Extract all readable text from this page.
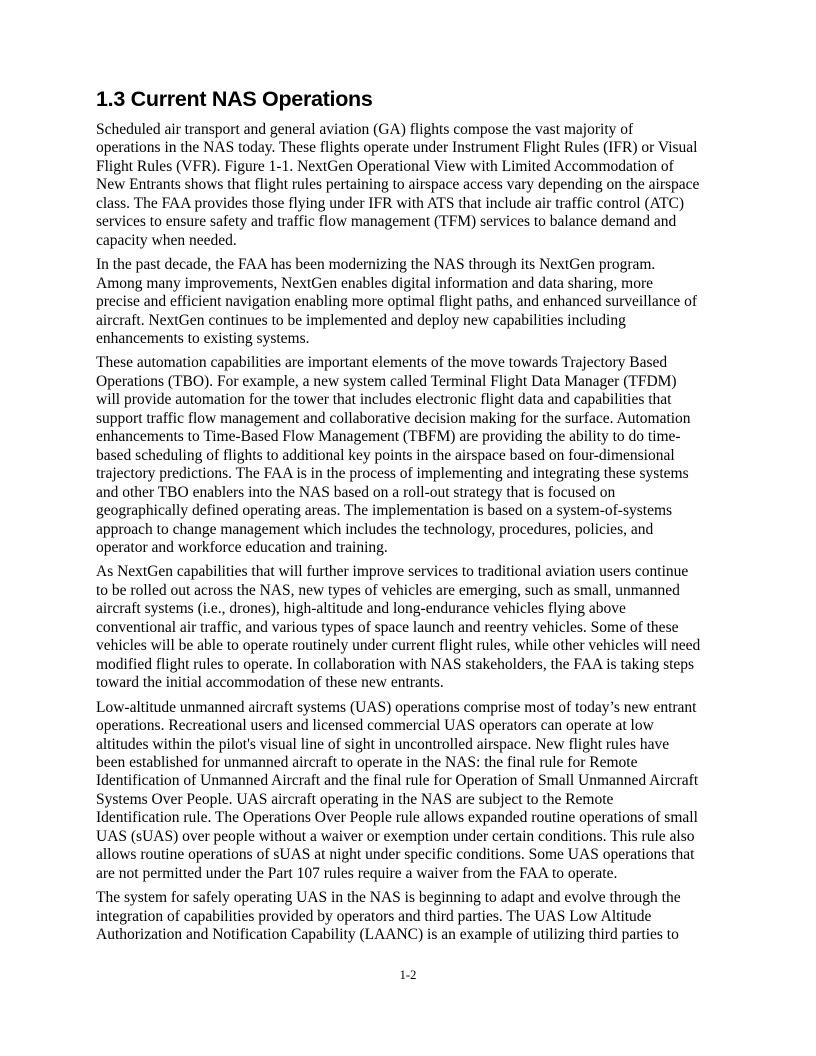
1.3 Current NAS Operations

Scheduled air transport and general aviation (GA) flights compose the vast majority of
operations in the NAS today. These flights operate under Instrument Flight Rules (IFR) or Visual
Flight Rules (VFR). Figure 1-1. NextGen Operational View with Limited Accommodation of
New Entrants shows that flight rules pertaining to airspace access vary depending on the airspace
class. The FAA provides those flying under IFR with ATS that include air traffic control (ATC)
services to ensure safety and traffic flow management (TFM) services to balance demand and
capacity when needed.

In the past decade, the FAA has been modernizing the NAS through its NextGen program.
Among many improvements, NextGen enables digital information and data sharing, more
precise and efficient navigation enabling more optimal flight paths, and enhanced surveillance of
aircraft. NextGen continues to be implemented and deploy new capabilities including
enhancements to existing systems.

These automation capabilities are important elements of the move towards Trajectory Based
Operations (TBO). For example, a new system called Terminal Flight Data Manager (TFDM)
will provide automation for the tower that includes electronic flight data and capabilities that
support traffic flow management and collaborative decision making for the surface. Automation
enhancements to Time-Based Flow Management (TBFM) are providing the ability to do time-
based scheduling of flights to additional key points in the airspace based on four-dimensional
trajectory predictions. The FAA is in the process of implementing and integrating these systems
and other TBO enablers into the NAS based on a roll-out strategy that is focused on
geographically defined operating areas. The implementation is based on a system-of-systems
approach to change management which includes the technology, procedures, policies, and
operator and workforce education and training.

As NextGen capabilities that will further improve services to traditional aviation users continue
to be rolled out across the NAS, new types of vehicles are emerging, such as small, unmanned
aircraft systems (i.e., drones), high-altitude and long-endurance vehicles flying above
conventional air traffic, and various types of space launch and reentry vehicles. Some of these
vehicles will be able to operate routinely under current flight rules, while other vehicles will need
modified flight rules to operate. In collaboration with NAS stakeholders, the FAA is taking steps
toward the initial accommodation of these new entrants.

Low-altitude unmanned aircraft systems (UAS) operations comprise most of today’s new entrant
operations. Recreational users and licensed commercial UAS operators can operate at low
altitudes within the pilot's visual line of sight in uncontrolled airspace. New flight rules have
been established for unmanned aircraft to operate in the NAS: the final rule for Remote
Identification of Unmanned Aircraft and the final rule for Operation of Small Unmanned Aircraft
Systems Over People. UAS aircraft operating in the NAS are subject to the Remote
Identification rule. The Operations Over People rule allows expanded routine operations of small
UAS (sUAS) over people without a waiver or exemption under certain conditions. This rule also
allows routine operations of sUAS at night under specific conditions. Some UAS operations that
are not permitted under the Part 107 rules require a waiver from the FAA to operate.

The system for safely operating UAS in the NAS is beginning to adapt and evolve through the
integration of capabilities provided by operators and third parties. The UAS Low Altitude
Authorization and Notification Capability (LAANC) is an example of utilizing third parties to

1-2
